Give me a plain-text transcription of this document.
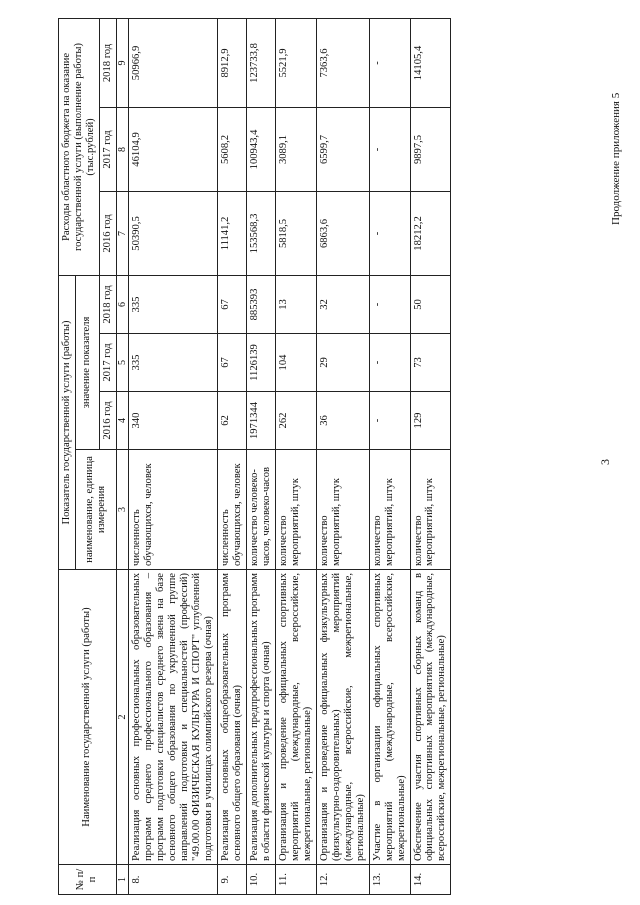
3
Продолжение приложения 5
№ п/п	Наименование государственной услуги (работы)	Показатель государственной услуги (работы)				Расходы областного бюджета на оказание государственной услуги (выполнение работы) (тыс.рублей)		
		наименование, единица измерения	значение показателя					
			2016 год	2017 год	2018 год	2016 год	2017 год	2018 год
1	2	3	4	5	6	7	8	9
8.	Реализация основных профессиональных образовательных программ среднего профессионального образования – программ подготовки специалистов среднего звена на базе основного общего образования по укрупненной группе направлений подготовки и специальностей (профессий) "49.00.00 ФИЗИЧЕСКАЯ КУЛЬТУРА И СПОРТ" углубленной подготовки в училищах олимпийского резерва (очная)	численность обучающихся, человек	340	335	335	50390,5	46104,9	50966,9
9.	Реализация основных общеобразовательных программ основного общего образования (очная)	численность обучающихся, человек	62	67	67	11141,2	5608,2	8912,9
10.	Реализация дополнительных предпрофессиональных программ в области физической культуры и спорта (очная)	количество человеко-часов, человеко-часов	1971344	1126139	885393	153568,3	100943,4	123733,8
11.	Организация и проведение официальных спортивных мероприятий (международные, всероссийские, межрегиональные, региональные)	количество мероприятий, штук	262	104	13	5818,5	3089,1	5521,9
12.	Организация и проведение официальных физкультурных (физкультурно-оздоровительных) мероприятий (международные, всероссийские, межрегиональные, региональные)	количество мероприятий, штук	36	29	32	6863,6	6599,7	7363,6
13.	Участие в организации официальных спортивных мероприятий (международные, всероссийские, межрегиональные)	количество мероприятий, штук	-	-	-	-	-	-
14.	Обеспечение участия спортивных сборных команд в официальных спортивных мероприятиях (международные, всероссийские, межрегиональные, региональные)	количество мероприятий, штук	129	73	50	18212,2	9897,5	14105,4
